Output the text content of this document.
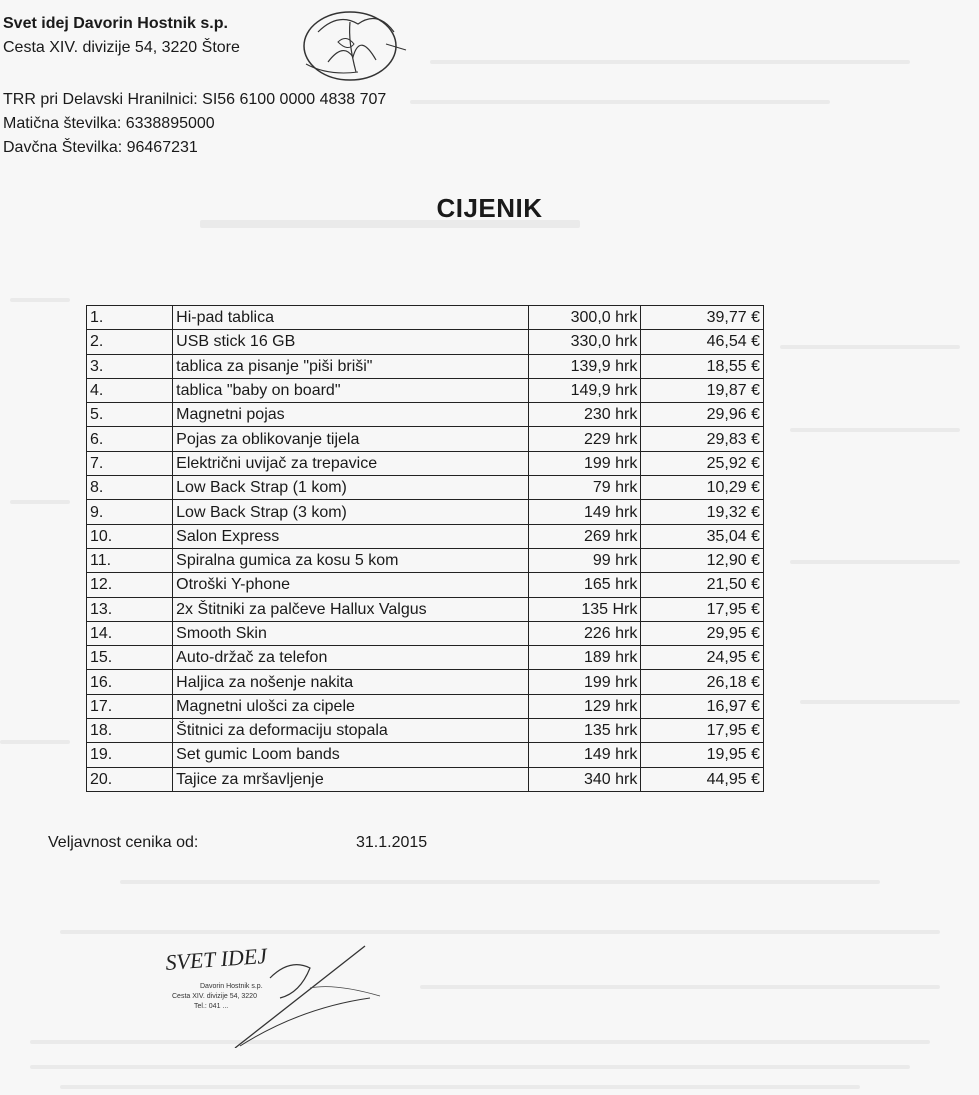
Svet idej Davorin Hostnik s.p.
Cesta XIV. divizije 54, 3220 Štore
TRR pri Delavski Hranilnici: SI56 6100 0000 4838 707
Matična številka: 6338895000
Davčna Številka: 96467231
CIJENIK
1.	Hi-pad tablica	300,0 hrk	39,77 €
2.	USB stick 16 GB	330,0 hrk	46,54 €
3.	tablica za pisanje "piši briši"	139,9 hrk	18,55 €
4.	tablica "baby on board"	149,9 hrk	19,87 €
5.	Magnetni pojas	230 hrk	29,96 €
6.	Pojas za oblikovanje tijela	229 hrk	29,83 €
7.	Električni uvijač za trepavice	199 hrk	25,92 €
8.	Low Back Strap (1 kom)	79 hrk	10,29 €
9.	Low Back Strap (3 kom)	149 hrk	19,32 €
10.	Salon Express	269 hrk	35,04 €
11.	Spiralna gumica za kosu 5 kom	99 hrk	12,90 €
12.	Otroški Y-phone	165 hrk	21,50 €
13.	2x Štitniki za palčeve Hallux Valgus	135 Hrk	17,95 €
14.	Smooth Skin	226 hrk	29,95 €
15.	Auto-držač za telefon	189 hrk	24,95 €
16.	Haljica za nošenje nakita	199 hrk	26,18 €
17.	Magnetni ulošci za cipele	129 hrk	16,97 €
18.	Štitnici za deformaciju stopala	135 hrk	17,95 €
19.	Set gumic Loom bands	149 hrk	19,95 €
20.	Tajice za mršavljenje	340 hrk	44,95 €
Veljavnost cenika od:	31.1.2015
SVET IDEJ
Davorin Hostnik s.p.
Cesta XIV. divizije 54, 3220
Tel.: 041 ...
